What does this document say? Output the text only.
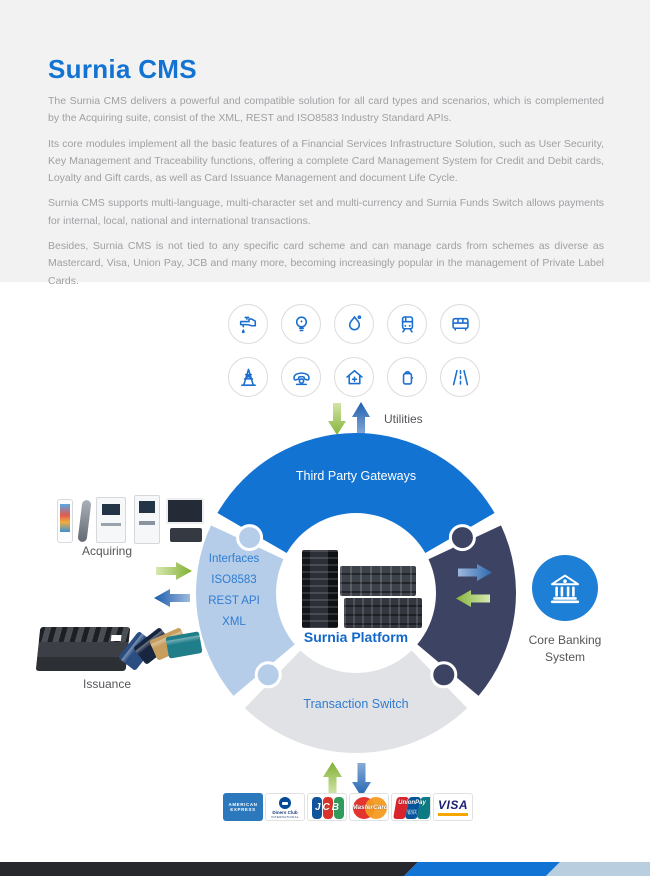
Surnia CMS

The Surnia CMS delivers a powerful and compatible solution for all card types and scenarios, which is complemented by the Acquiring suite, consist of the XML, REST and ISO8583 Industry Standard APIs.

Its core modules implement all the basic features of a Financial Services Infrastructure Solution, such as User Security, Key Management and Traceability functions, offering a complete Card Management System for Credit and Debit cards, Loyalty and Gift cards, as well as Card Issuance Management and document Life Cycle.

Surnia CMS supports multi-language, multi-character set and multi-currency and Surnia Funds Switch allows payments for internal, local, national and international transactions.

Besides, Surnia CMS is not tied to any specific card scheme and can manage cards from schemes as diverse as Mastercard, Visa, Union Pay, JCB and many more, becoming increasingly popular in the management of Private Label Cards.

Utilities
Third Party Gateways
Interfaces
ISO8583
REST API
XML
Transaction Switch
Surnia Platform
Acquiring
Issuance
Core Banking
System
AMERICAN
EXPRESS
Diners Club
INTERNATIONAL
JCB	MasterCard
UnionPay
银联
VISA
